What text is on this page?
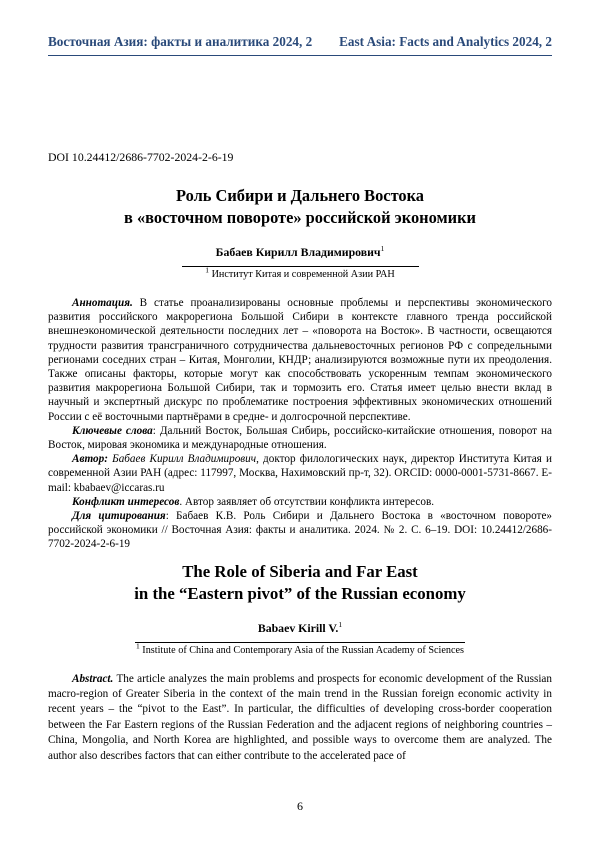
Восточная Азия: факты и аналитика 2024, 2 East Asia: Facts and Analytics 2024, 2
DOI 10.24412/2686-7702-2024-2-6-19
Роль Сибири и Дальнего Востока
в «восточном повороте» российской экономики
Бабаев Кирилл Владимирович$^1$

$^1$ Институт Китая и современной Азии РАН

Аннотация. В статье проанализированы основные проблемы и перспективы экономического развития российского макрорегиона Большой Сибири в контексте главного тренда российской внешнеэкономической деятельности последних лет – «поворота на Восток». В частности, освещаются трудности развития трансграничного сотрудничества дальневосточных регионов РФ с сопредельными регионами соседних стран – Китая, Монголии, КНДР; анализируются возможные пути их преодоления. Также описаны факторы, которые могут как способствовать ускоренным темпам экономического развития макрорегиона Большой Сибири, так и тормозить его. Статья имеет целью внести вклад в научный и экспертный дискурс по проблематике построения эффективных экономических отношений России с её восточными партнёрами в средне- и долгосрочной перспективе.

Ключевые слова: Дальний Восток, Большая Сибирь, российско-китайские отношения, поворот на Восток, мировая экономика и международные отношения.

Автор: Бабаев Кирилл Владимирович, доктор филологических наук, директор Института Китая и современной Азии РАН (адрес: 117997, Москва, Нахимовский пр-т, 32). ORCID: 0000-0001-5731-8667. E-mail: kbabaev@iccaras.ru

Конфликт интересов. Автор заявляет об отсутствии конфликта интересов.

Для цитирования: Бабаев К.В. Роль Сибири и Дальнего Востока в «восточном повороте» российской экономики // Восточная Азия: факты и аналитика. 2024. № 2. С. 6–19. DOI: 10.24412/2686-7702-2024-2-6-19

The Role of Siberia and Far East
in the “Eastern pivot” of the Russian economy
Babaev Kirill V.$^1$

$^1$ Institute of China and Contemporary Asia of the Russian Academy of Sciences

Abstract. The article analyzes the main problems and prospects for economic development of the Russian macro-region of Greater Siberia in the context of the main trend in the Russian foreign economic activity in recent years – the “pivot to the East”. In particular, the difficulties of developing cross-border cooperation between the Far Eastern regions of the Russian Federation and the adjacent regions of neighboring countries – China, Mongolia, and North Korea are highlighted, and possible ways to overcome them are analyzed. The author also describes factors that can either contribute to the accelerated pace of

6
